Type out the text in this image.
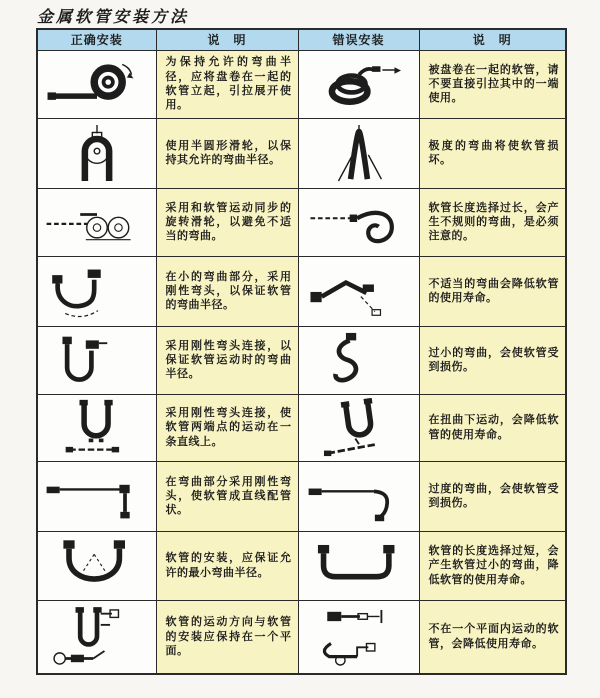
金属软管安装方法
正确安装	说　明	错误安装	说　明

为保持允许的弯曲半径，应将盘卷在一起的软管立起，引拉展开使用。		被盘卷在一起的软管，请不要直接引拉其中的一端使用。

使用半圆形滑轮，以保持其允许的弯曲半径。		极度的弯曲将使软管损坏。

采用和软管运动同步的旋转滑轮，以避免不适当的弯曲。		软管长度选择过长，会产生不规则的弯曲，是必须注意的。

在小的弯曲部分，采用刚性弯头，以保证软管的弯曲半径。		不适当的弯曲会降低软管的使用寿命。

采用刚性弯头连接，以保证软管运动时的弯曲半径。		过小的弯曲，会使软管受到损伤。

采用刚性弯头连接，使软管两端点的运动在一条直线上。		在扭曲下运动，会降低软管的使用寿命。

在弯曲部分采用刚性弯头，使软管成直线配管状。		过度的弯曲，会使软管受到损伤。

软管的安装，应保证允许的最小弯曲半径。		软管的长度选择过短，会产生软管过小的弯曲，降低软管的使用寿命。

软管的运动方向与软管的安装应保持在一个平面。		不在一个平面内运动的软管，会降低使用寿命。
